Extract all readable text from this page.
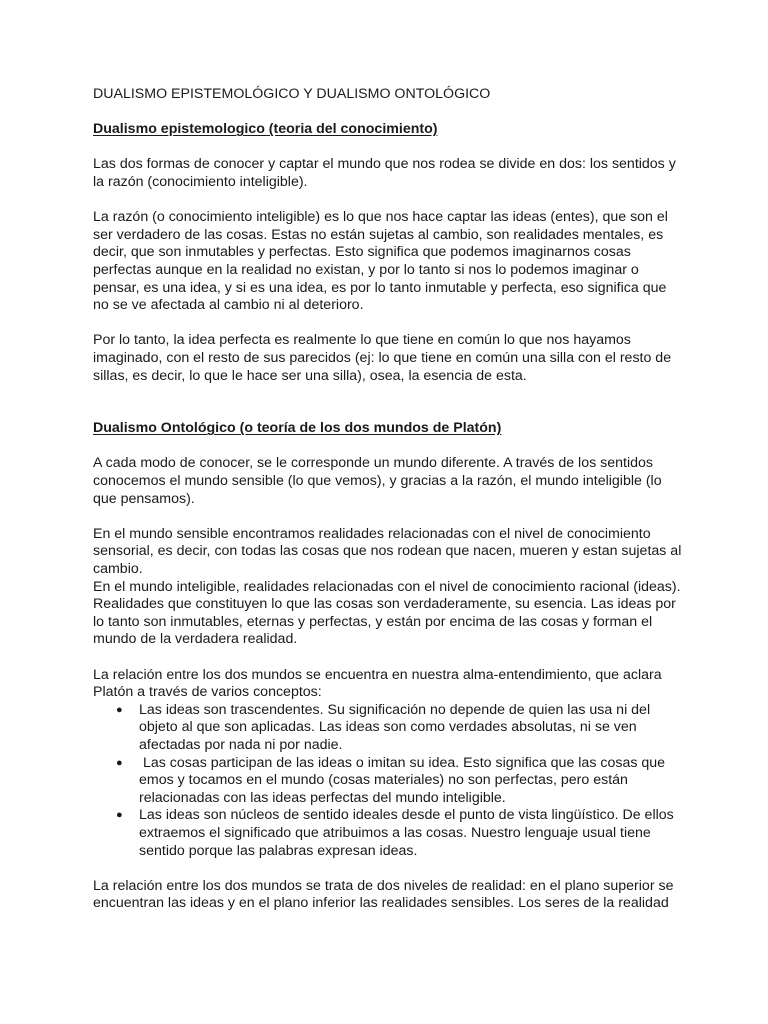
DUALISMO EPISTEMOLÓGICO Y DUALISMO ONTOLÓGICO

Dualismo epistemologico (teoria del conocimiento)

Las dos formas de conocer y captar el mundo que nos rodea se divide en dos: los sentidos y la razón (conocimiento inteligible).

La razón (o conocimiento inteligible) es lo que nos hace captar las ideas (entes), que son el ser verdadero de las cosas. Estas no están sujetas al cambio, son realidades mentales, es decir, que son inmutables y perfectas. Esto significa que podemos imaginarnos cosas perfectas aunque en la realidad no existan, y por lo tanto si nos lo podemos imaginar o pensar, es una idea, y si es una idea, es por lo tanto inmutable y perfecta, eso significa que no se ve afectada al cambio ni al deterioro.

Por lo tanto, la idea perfecta es realmente lo que tiene en común lo que nos hayamos imaginado, con el resto de sus parecidos (ej: lo que tiene en común una silla con el resto de sillas, es decir, lo que le hace ser una silla), osea, la esencia de esta.

Dualismo Ontológico (o teoría de los dos mundos de Platón)

A cada modo de conocer, se le corresponde un mundo diferente. A través de los sentidos conocemos el mundo sensible (lo que vemos), y gracias a la razón, el mundo inteligible (lo que pensamos).

En el mundo sensible encontramos realidades relacionadas con el nivel de conocimiento sensorial, es decir, con todas las cosas que nos rodean que nacen, mueren y estan sujetas al cambio.

En el mundo inteligible, realidades relacionadas con el nivel de conocimiento racional (ideas). Realidades que constituyen lo que las cosas son verdaderamente, su esencia. Las ideas por lo tanto son inmutables, eternas y perfectas, y están por encima de las cosas y forman el mundo de la verdadera realidad.

La relación entre los dos mundos se encuentra en nuestra alma-entendimiento, que aclara Platón a través de varios conceptos:

● Las ideas son trascendentes. Su significación no depende de quien las usa ni del objeto al que son aplicadas. Las ideas son como verdades absolutas, ni se ven afectadas por nada ni por nadie.
● Las cosas participan de las ideas o imitan su idea. Esto significa que las cosas que emos y tocamos en el mundo (cosas materiales) no son perfectas, pero están relacionadas con las ideas perfectas del mundo inteligible.
● Las ideas son núcleos de sentido ideales desde el punto de vista lingüístico. De ellos extraemos el significado que atribuimos a las cosas. Nuestro lenguaje usual tiene sentido porque las palabras expresan ideas.

La relación entre los dos mundos se trata de dos niveles de realidad: en el plano superior se encuentran las ideas y en el plano inferior las realidades sensibles. Los seres de la realidad
